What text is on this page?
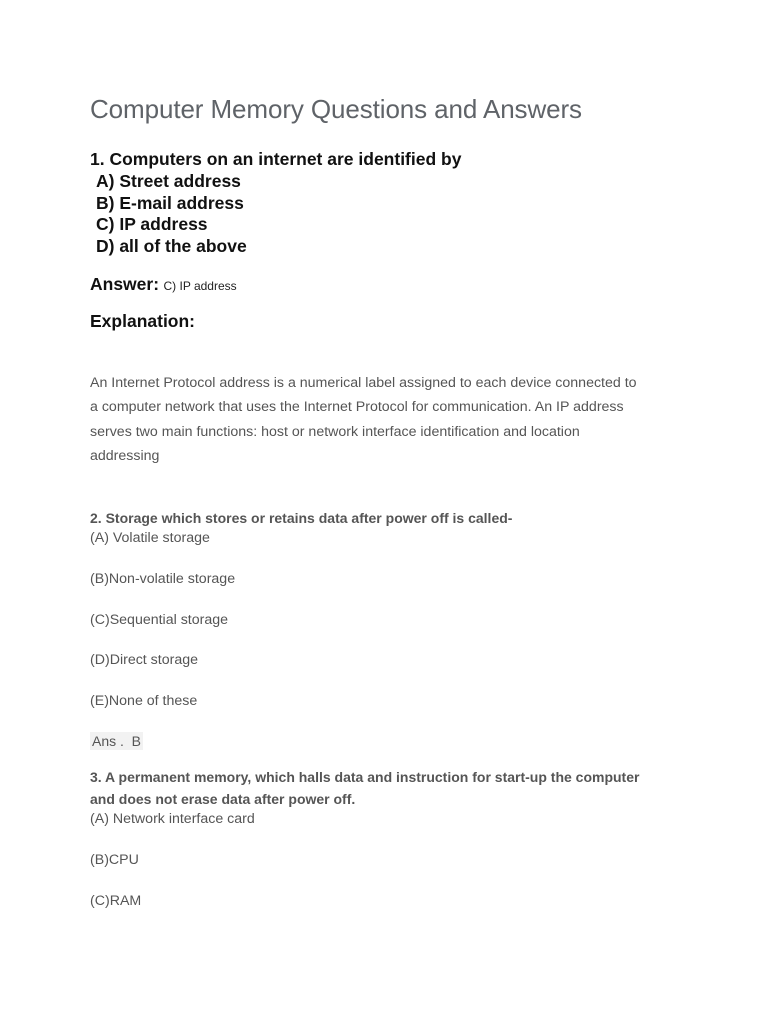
Computer Memory Questions and Answers
1. Computers on an internet are identified by
A) Street address
B) E-mail address
C) IP address
D) all of the above
Answer: C) IP address
Explanation:
An Internet Protocol address is a numerical label assigned to each device connected to
a computer network that uses the Internet Protocol for communication. An IP address
serves two main functions: host or network interface identification and location
addressing
2. Storage which stores or retains data after power off is called-
(A) Volatile storage
(B)Non-volatile storage
(C)Sequential storage
(D)Direct storage
(E)None of these
Ans .  B
3. A permanent memory, which halls data and instruction for start-up the computer
and does not erase data after power off.
(A) Network interface card
(B)CPU
(C)RAM
